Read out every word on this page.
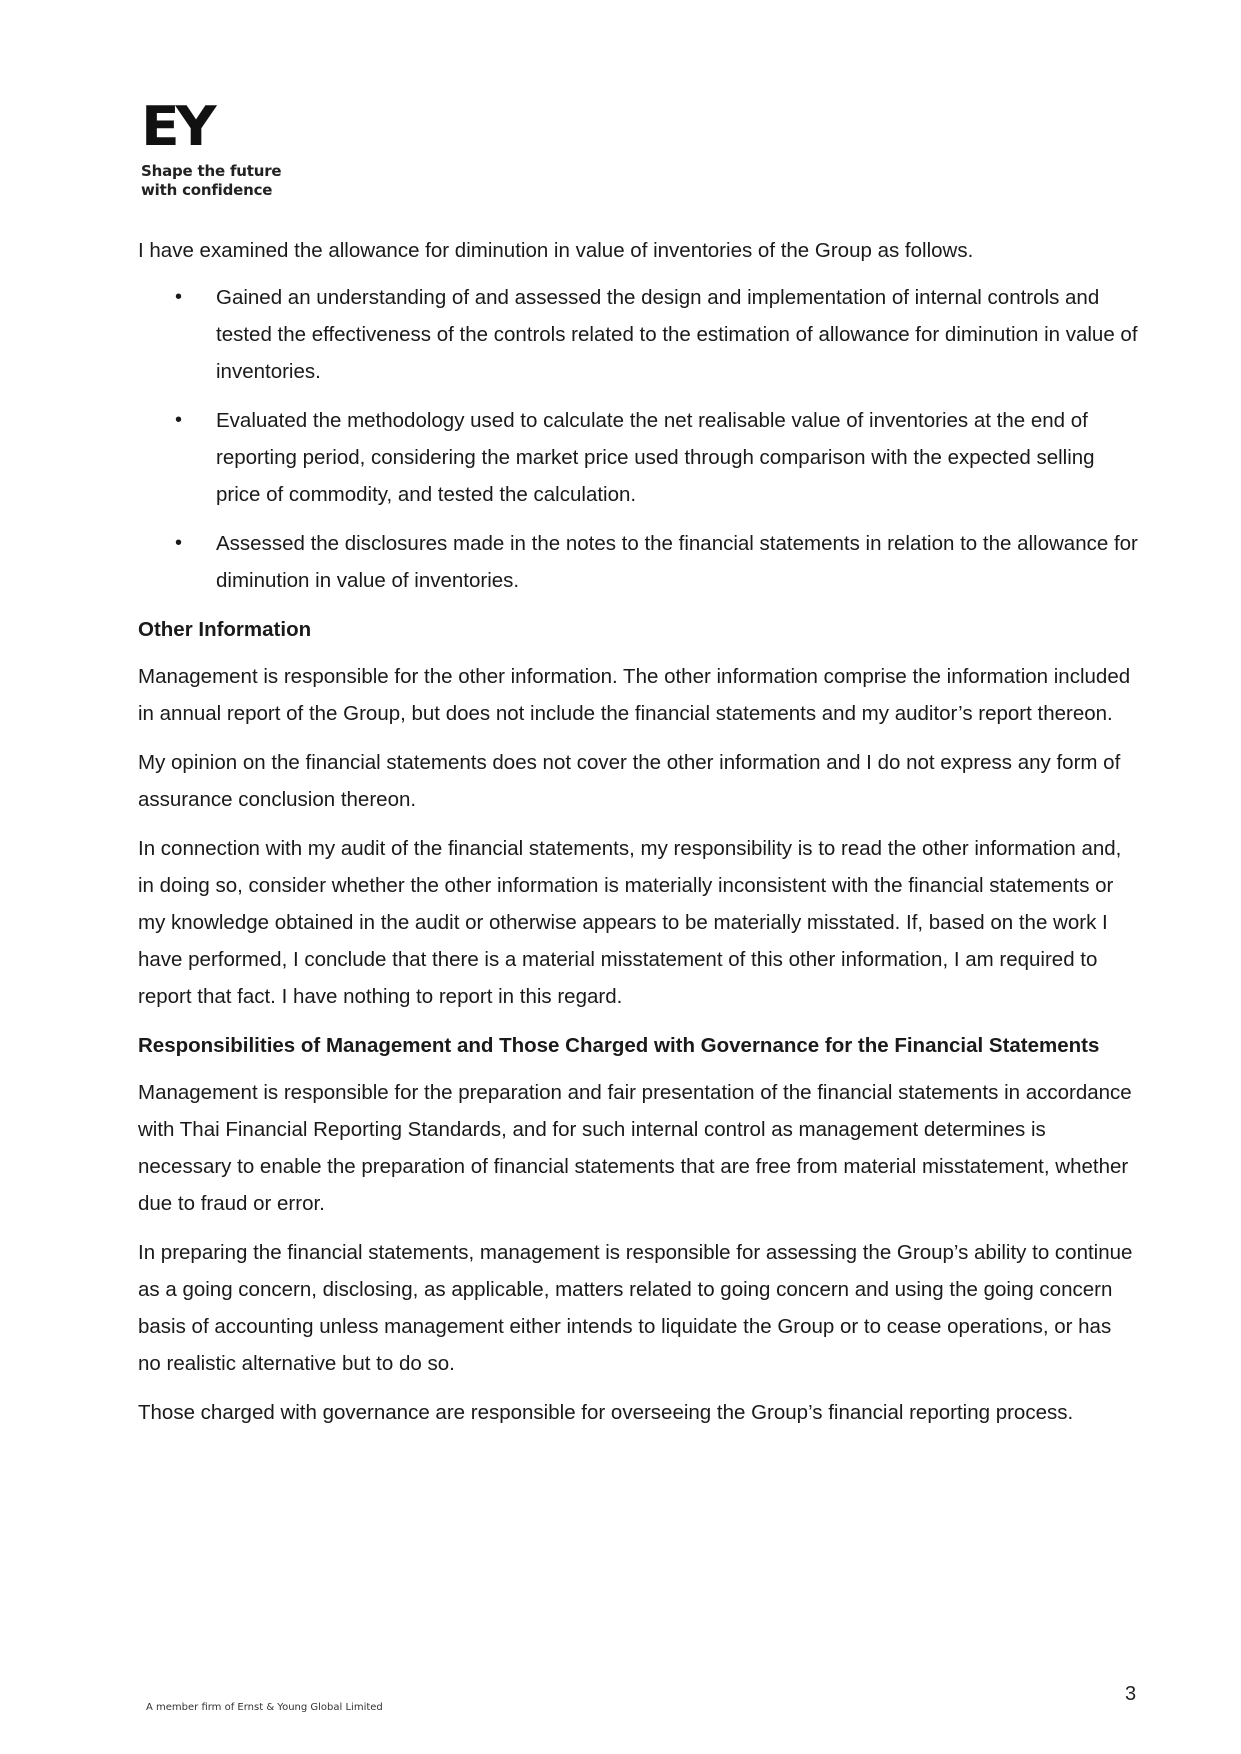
EY
Shape the future
with confidence

I have examined the allowance for diminution in value of inventories of the Group as follows.

• Gained an understanding of and assessed the design and implementation of internal controls and tested the effectiveness of the controls related to the estimation of allowance for diminution in value of inventories.
• Evaluated the methodology used to calculate the net realisable value of inventories at the end of reporting period, considering the market price used through comparison with the expected selling price of commodity, and tested the calculation.
• Assessed the disclosures made in the notes to the financial statements in relation to the allowance for diminution in value of inventories.
Other Information

Management is responsible for the other information. The other information comprise the information included in annual report of the Group, but does not include the financial statements and my auditor’s report thereon.

My opinion on the financial statements does not cover the other information and I do not express any form of assurance conclusion thereon.

In connection with my audit of the financial statements, my responsibility is to read the other information and, in doing so, consider whether the other information is materially inconsistent with the financial statements or my knowledge obtained in the audit or otherwise appears to be materially misstated. If, based on the work I have performed, I conclude that there is a material misstatement of this other information, I am required to report that fact. I have nothing to report in this regard.

Responsibilities of Management and Those Charged with Governance for the Financial Statements

Management is responsible for the preparation and fair presentation of the financial statements in accordance with Thai Financial Reporting Standards, and for such internal control as management determines is necessary to enable the preparation of financial statements that are free from material misstatement, whether due to fraud or error.

In preparing the financial statements, management is responsible for assessing the Group’s ability to continue as a going concern, disclosing, as applicable, matters related to going concern and using the going concern basis of accounting unless management either intends to liquidate the Group or to cease operations, or has no realistic alternative but to do so.

Those charged with governance are responsible for overseeing the Group’s financial reporting process.

A member firm of Ernst & Young Global Limited
3
